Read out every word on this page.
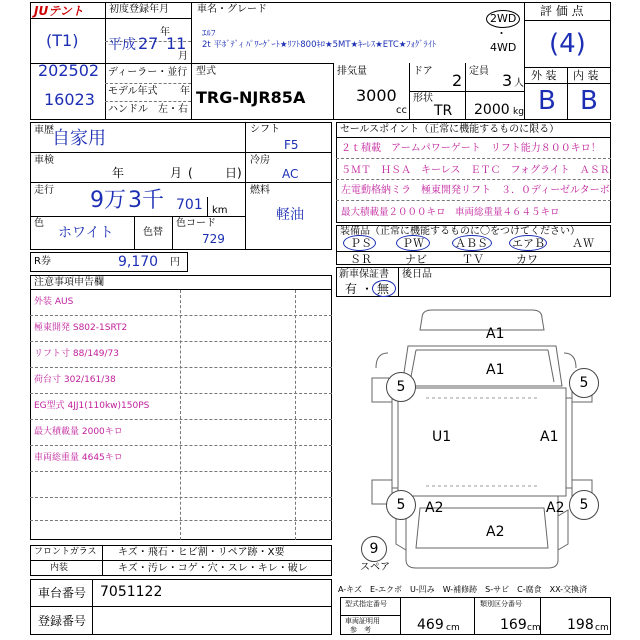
JUテント
(T1)
202502
16023
初度登録年月
平成 27
年
11
月
車名・グレード
ｴﾙﾌ
2t 平ﾎﾞﾃﾞｨ ﾊﾟﾜｰｹﾞｰﾄ★ﾘﾌﾄ800ｷﾛ★5MT★ｷｰﾚｽ★ETC★ﾌｫｸﾞﾗｲﾄ
2WD
・
4WD
ディーラー・並行
モデル年式 年
ハンドル　左・右
型式
TRG-NJR85A
排気量
3000
cc
ドア 2 定員 3 人
形状
TR 2000 kg
評 価 点
(4)
外 装 内 装
B B
車歴
自家用
車検
年	月 (	日)
走行 9万 3千 701 km
色
ホワイト	色替
色コード
729
シフト
F5
冷房
AC
燃料
軽油
R券	9,170 円
セールスポイント（正常に機能するものに限る）
２ｔ積載　アームパワーゲート　リフト能力８００キロ！
５ＭＴ　ＨＳＡ　キーレス　ＥＴＣ　フォグライト　ＡＳＲ
左電動格納ミラ　極東開発リフト　３．０ディーゼルターボ
最大積載量２０００キロ　車両総重量４６４５キロ
装備品（正常に機能するものに〇をつけてください）
ＰＳ	ＰＷ	ＡＢＳ エアＢ ＡＷ
ＳＲ	ナビ	ＴＶ	カワ
新車保証書
有 ・ 無
後日品
注意事項申告欄
外装 AUS
極東開発 S802-1SRT2
リフト寸 88/149/73
荷台寸 302/161/38
EG型式 4JJ1(110kw)150PS
最大積載量 2000キロ
車両総重量 4645キロ
フロントガラス キズ・飛石・ヒビ割・リペア跡・X要
内装	キズ・汚レ・コゲ・穴・スレ・キレ・破レ
車台番号 7051122
登録番号
A1
A1
U1	A1
5	5
5	5
A2	A2
A2
9
スペア
A-キズ　E-エクボ　U-凹み　W-補修跡　S-サビ　C-腐食　XX-交換済
型式指定番号	類別区分番号
車両証明用
参　考	469 cm	169 cm 198 cm
